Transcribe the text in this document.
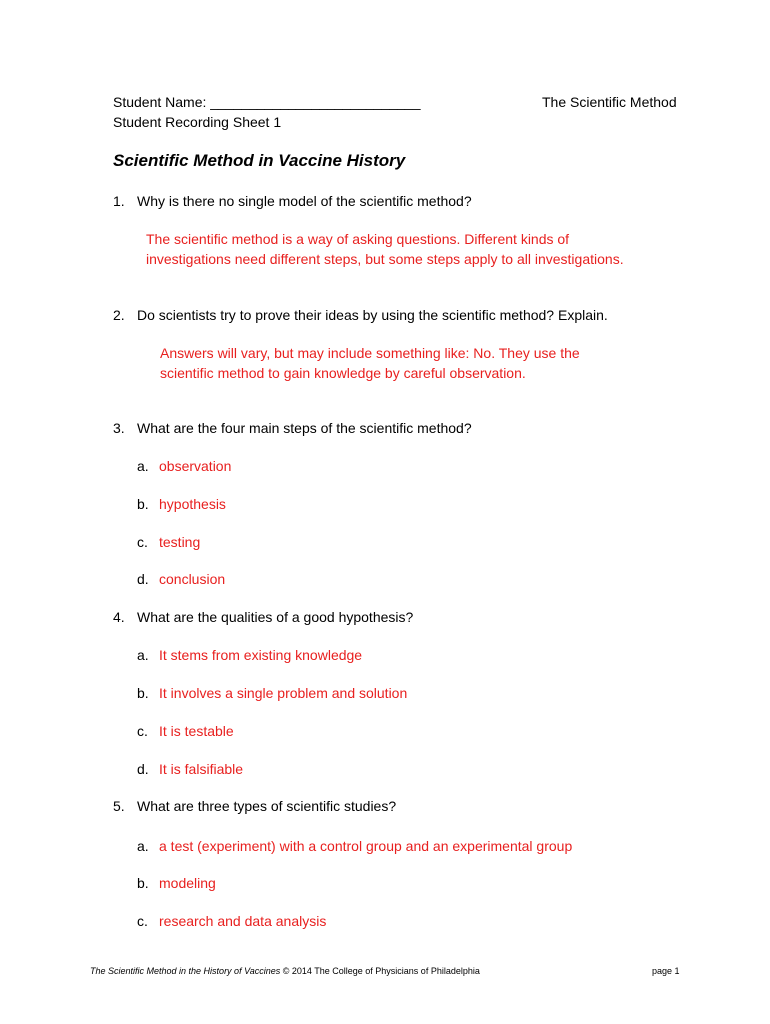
Student Name: ___________________________
Student Recording Sheet 1
The Scientific Method
Scientific Method in Vaccine History
1. Why is there no single model of the scientific method?
The scientific method is a way of asking questions. Different kinds of
investigations need different steps, but some steps apply to all investigations.
2. Do scientists try to prove their ideas by using the scientific method? Explain.
Answers will vary, but may include something like: No. They use the
scientific method to gain knowledge by careful observation.
3. What are the four main steps of the scientific method?
a. observation
b. hypothesis
c. testing
d. conclusion
4. What are the qualities of a good hypothesis?
a. It stems from existing knowledge
b. It involves a single problem and solution
c. It is testable
d. It is falsifiable
5. What are three types of scientific studies?
a. a test (experiment) with a control group and an experimental group
b. modeling
c. research and data analysis
The Scientific Method in the History of Vaccines © 2014 The College of Physicians of Philadelphia	page 1
